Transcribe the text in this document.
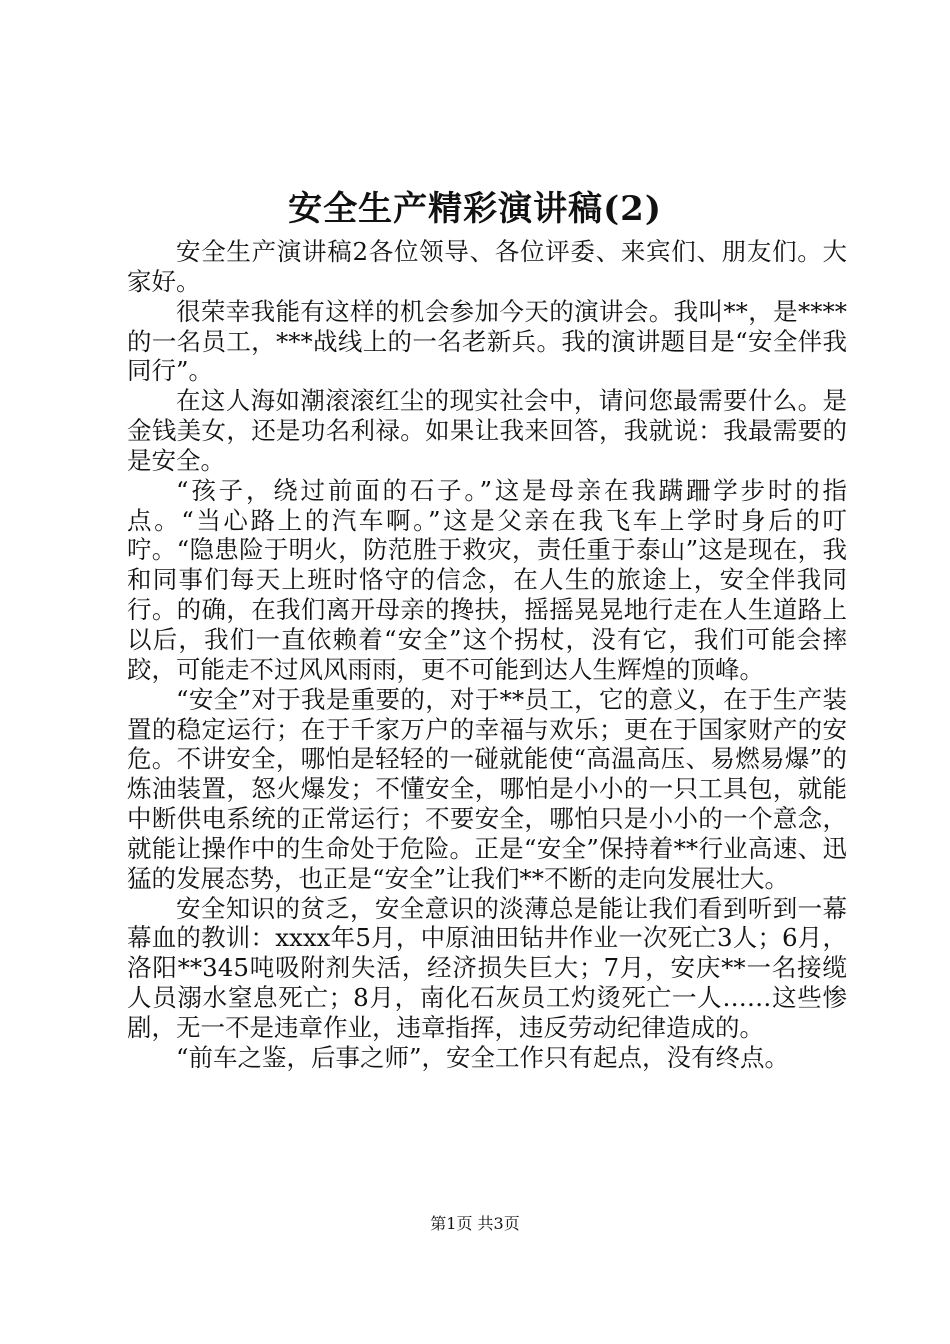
安全生产精彩演讲稿(2)

安全生产演讲稿2各位领导、各位评委、来宾们、朋友们。大家好。

很荣幸我能有这样的机会参加今天的演讲会。我叫**，是****的一名员工，***战线上的一名老新兵。我的演讲题目是“安全伴我同行”。

在这人海如潮滚滚红尘的现实社会中，请问您最需要什么。是金钱美女，还是功名利禄。如果让我来回答，我就说：我最需要的是安全。

“孩子，绕过前面的石子。”这是母亲在我蹒跚学步时的指点。“当心路上的汽车啊。”这是父亲在我飞车上学时身后的叮咛。“隐患险于明火，防范胜于救灾，责任重于泰山”这是现在，我和同事们每天上班时恪守的信念，在人生的旅途上，安全伴我同行。的确，在我们离开母亲的搀扶，摇摇晃晃地行走在人生道路上以后，我们一直依赖着“安全”这个拐杖，没有它，我们可能会摔跤，可能走不过风风雨雨，更不可能到达人生辉煌的顶峰。

“安全”对于我是重要的，对于**员工，它的意义，在于生产装置的稳定运行；在于千家万户的幸福与欢乐；更在于国家财产的安危。不讲安全，哪怕是轻轻的一碰就能使“高温高压、易燃易爆”的炼油装置，怒火爆发；不懂安全，哪怕是小小的一只工具包，就能中断供电系统的正常运行；不要安全，哪怕只是小小的一个意念，就能让操作中的生命处于危险。正是“安全”保持着**行业高速、迅猛的发展态势，也正是“安全”让我们**不断的走向发展壮大。

安全知识的贫乏，安全意识的淡薄总是能让我们看到听到一幕幕血的教训：xxxx年5月，中原油田钻井作业一次死亡3人；6月，洛阳**345吨吸附剂失活，经济损失巨大；7月，安庆**一名接缆人员溺水窒息死亡；8月，南化石灰员工灼烫死亡一人……这些惨剧，无一不是违章作业，违章指挥，违反劳动纪律造成的。

“前车之鉴，后事之师”，安全工作只有起点，没有终点。

第1页 共3页
